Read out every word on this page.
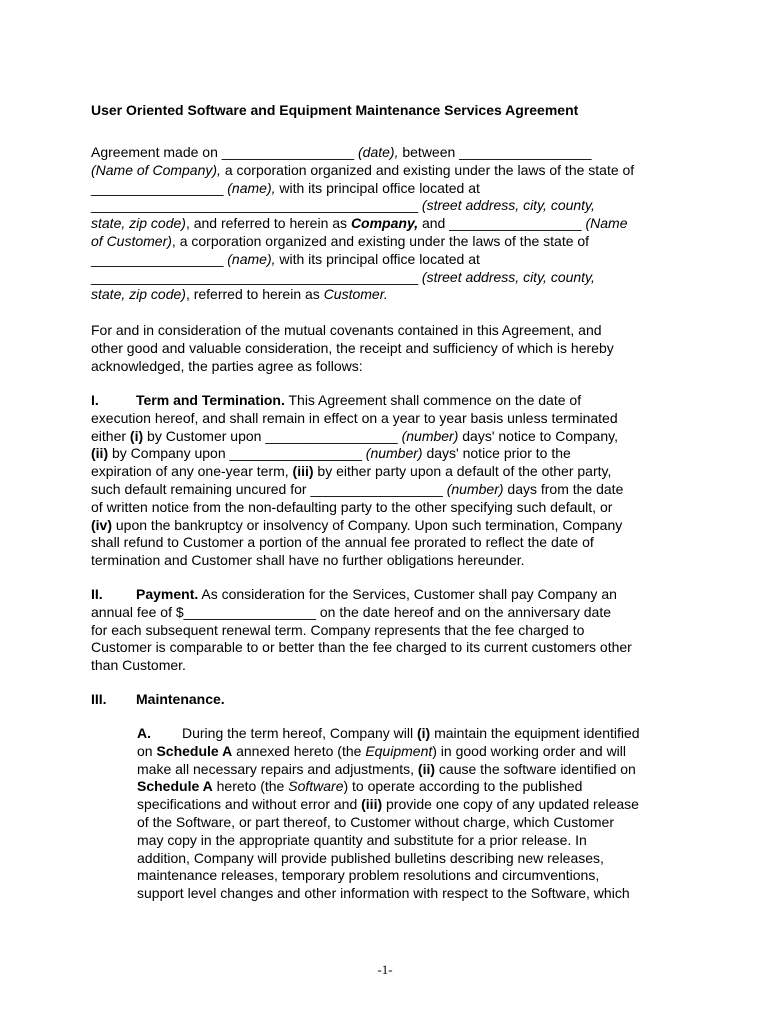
User Oriented Software and Equipment Maintenance Services Agreement
Agreement made on _________________ (date), between _________________
(Name of Company), a corporation organized and existing under the laws of the state of
_________________ (name), with its principal office located at
__________________________________________ (street address, city, county,
state, zip code), and referred to herein as Company, and _________________ (Name
of Customer), a corporation organized and existing under the laws of the state of
_________________ (name), with its principal office located at
__________________________________________ (street address, city, county,
state, zip code), referred to herein as Customer.
For and in consideration of the mutual covenants contained in this Agreement, and
other good and valuable consideration, the receipt and sufficiency of which is hereby
acknowledged, the parties agree as follows:
I.	Term and Termination. This Agreement shall commence on the date of
execution hereof, and shall remain in effect on a year to year basis unless terminated
either (i) by Customer upon _________________ (number) days' notice to Company,
(ii) by Company upon _________________ (number) days' notice prior to the
expiration of any one-year term, (iii) by either party upon a default of the other party,
such default remaining uncured for _________________ (number) days from the date
of written notice from the non-defaulting party to the other specifying such default, or
(iv) upon the bankruptcy or insolvency of Company. Upon such termination, Company
shall refund to Customer a portion of the annual fee prorated to reflect the date of
termination and Customer shall have no further obligations hereunder.
II. Payment. As consideration for the Services, Customer shall pay Company an
annual fee of $_________________ on the date hereof and on the anniversary date
for each subsequent renewal term. Company represents that the fee charged to
Customer is comparable to or better than the fee charged to its current customers other
than Customer.
III. Maintenance.
A. During the term hereof, Company will (i) maintain the equipment identified
on Schedule A annexed hereto (the Equipment) in good working order and will
make all necessary repairs and adjustments, (ii) cause the software identified on
Schedule A hereto (the Software) to operate according to the published
specifications and without error and (iii) provide one copy of any updated release
of the Software, or part thereof, to Customer without charge, which Customer
may copy in the appropriate quantity and substitute for a prior release. In
addition, Company will provide published bulletins describing new releases,
maintenance releases, temporary problem resolutions and circumventions,
support level changes and other information with respect to the Software, which
-1-
